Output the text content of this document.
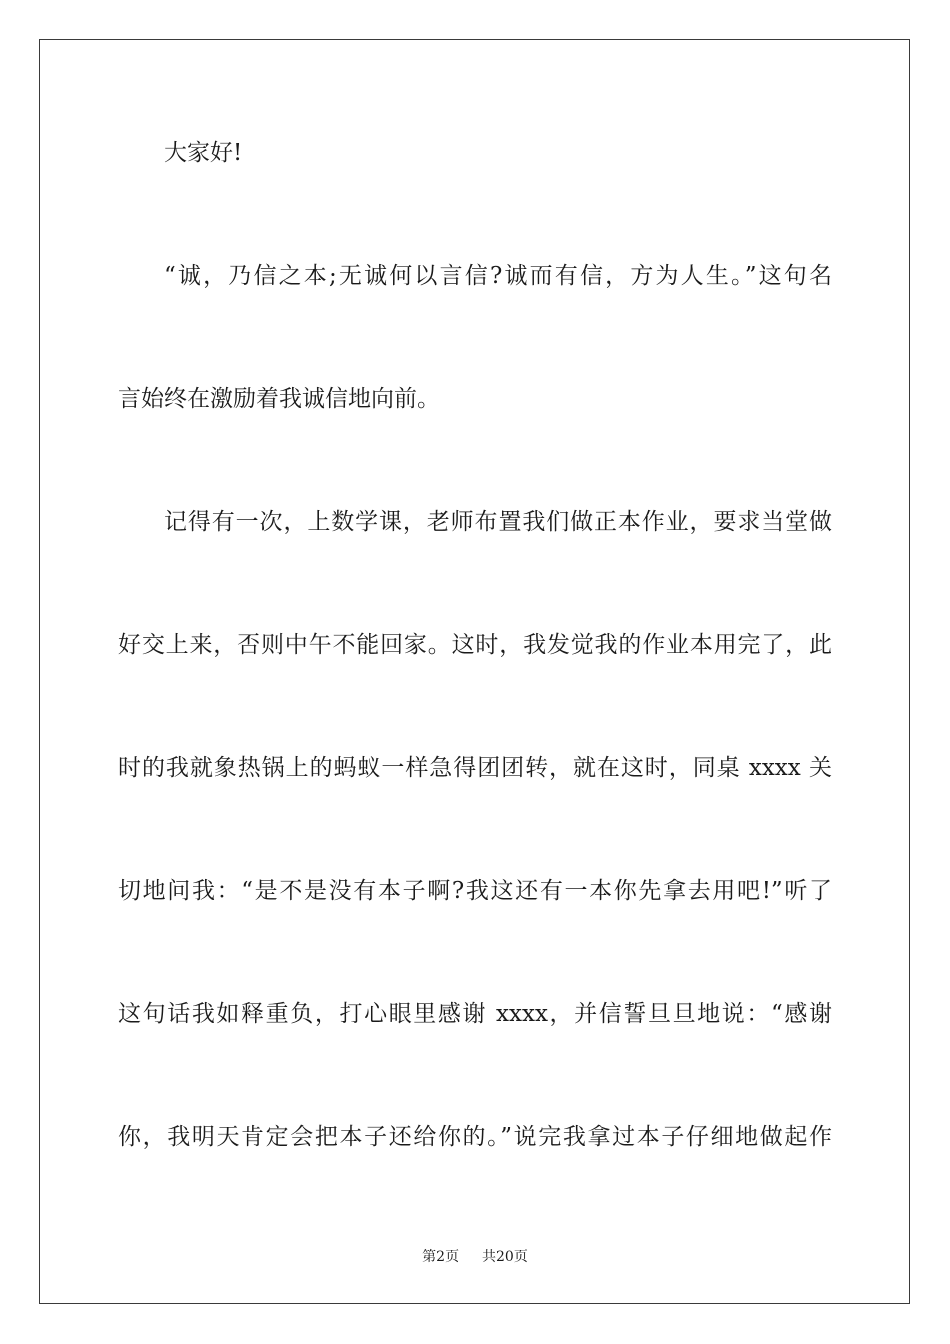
大家好!
“诚，乃信之本;无诚何以言信?诚而有信，方为人生。”这句名
言始终在激励着我诚信地向前。
记得有一次，上数学课，老师布置我们做正本作业，要求当堂做
好交上来，否则中午不能回家。这时，我发觉我的作业本用完了，此
时的我就象热锅上的蚂蚁一样急得团团转，就在这时，同桌 xxxx 关
切地问我：“是不是没有本子啊?我这还有一本你先拿去用吧!”听了
这句话我如释重负，打心眼里感谢 xxxx，并信誓旦旦地说：“感谢
你，我明天肯定会把本子还给你的。”说完我拿过本子仔细地做起作
第2页 共20页
